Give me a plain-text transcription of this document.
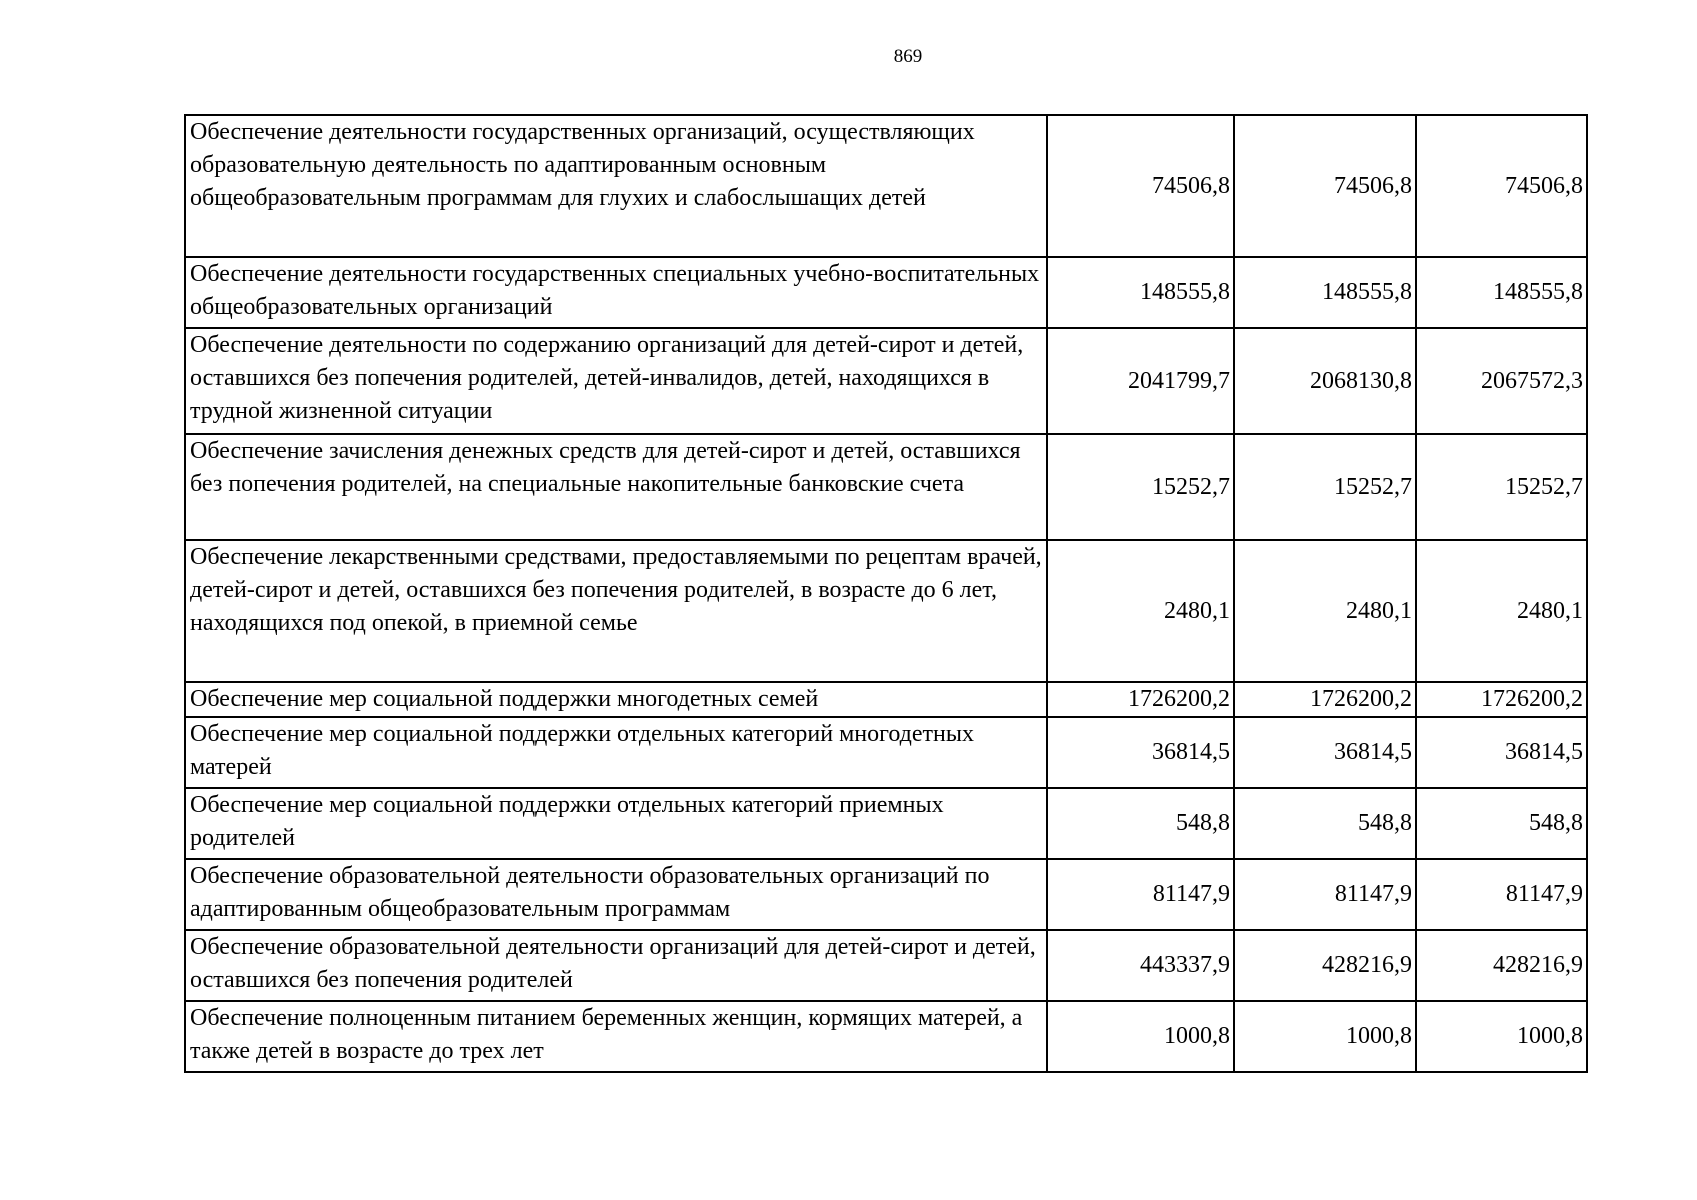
869
Обеспечение деятельности государственных организаций, осуществляющих образовательную деятельность по адаптированным основным общеобразовательным программам для глухих и слабослышащих детей	74506,8	74506,8	74506,8
Обеспечение деятельности государственных специальных учебно-воспитательных общеобразовательных организаций	148555,8	148555,8	148555,8
Обеспечение деятельности по содержанию организаций для детей-сирот и детей, оставшихся без попечения родителей, детей-инвалидов, детей, находящихся в трудной жизненной ситуации	2041799,7	2068130,8	2067572,3
Обеспечение зачисления денежных средств для детей-сирот и детей, оставшихся без попечения родителей, на специальные накопительные банковские счета	15252,7	15252,7	15252,7
Обеспечение лекарственными средствами, предоставляемыми по рецептам врачей, детей-сирот и детей, оставшихся без попечения родителей, в возрасте до 6 лет, находящихся под опекой, в приемной семье	2480,1	2480,1	2480,1
Обеспечение мер социальной поддержки многодетных семей	1726200,2	1726200,2	1726200,2
Обеспечение мер социальной поддержки отдельных категорий многодетных матерей	36814,5	36814,5	36814,5
Обеспечение мер социальной поддержки отдельных категорий приемных родителей	548,8	548,8	548,8
Обеспечение образовательной деятельности образовательных организаций по адаптированным общеобразовательным программам	81147,9	81147,9	81147,9
Обеспечение образовательной деятельности организаций для детей-сирот и детей, оставшихся без попечения родителей	443337,9	428216,9	428216,9
Обеспечение полноценным питанием беременных женщин, кормящих матерей, а также детей в возрасте до трех лет	1000,8	1000,8	1000,8
